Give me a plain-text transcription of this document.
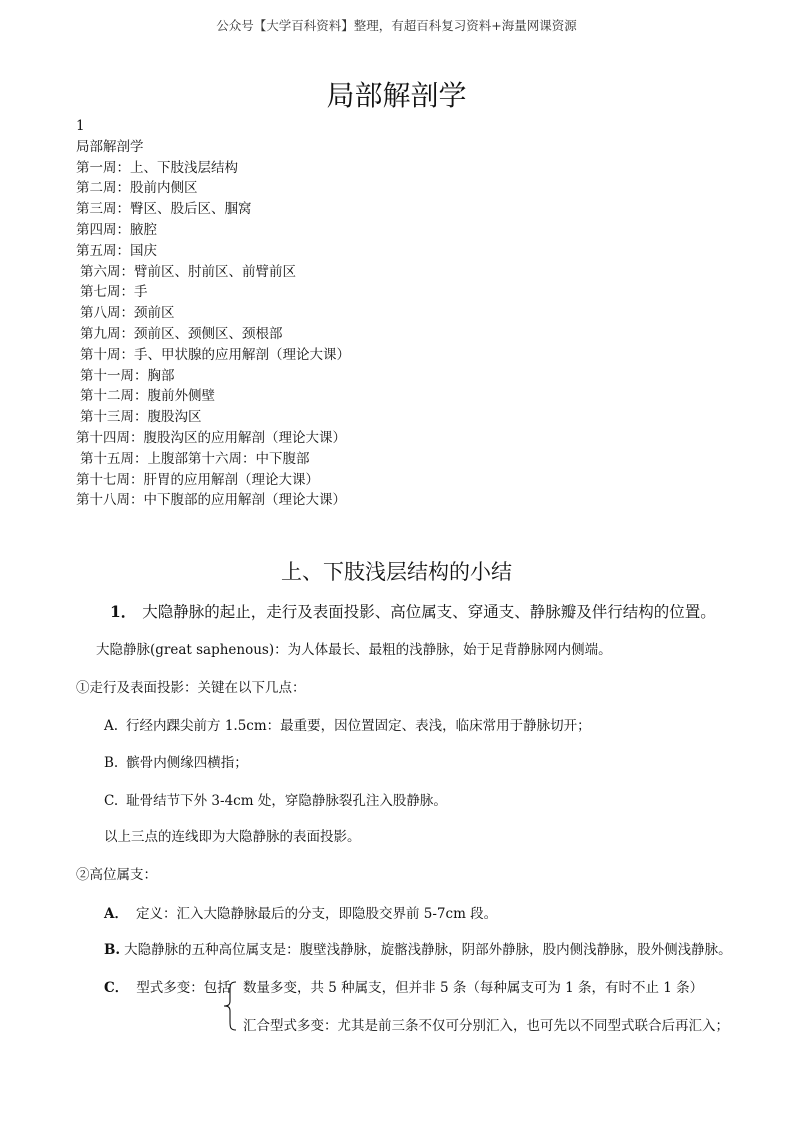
公众号【大学百科资料】整理，有超百科复习资料+海量网课资源
局部解剖学
1
局部解剖学
第一周：上、下肢浅层结构
第二周：股前内侧区
第三周：臀区、股后区、腘窝
第四周：腋腔
第五周：国庆
第六周：臂前区、肘前区、前臂前区
第七周：手
第八周：颈前区
第九周：颈前区、颈侧区、颈根部
第十周：手、甲状腺的应用解剖（理论大课）
第十一周：胸部
第十二周：腹前外侧壁
第十三周：腹股沟区
第十四周：腹股沟区的应用解剖（理论大课）
第十五周：上腹部第十六周：中下腹部
第十七周：肝胃的应用解剖（理论大课）
第十八周：中下腹部的应用解剖（理论大课）
上、下肢浅层结构的小结
1． 大隐静脉的起止，走行及表面投影、高位属支、穿通支、静脉瓣及伴行结构的位置。
大隐静脉(great saphenous)：为人体最长、最粗的浅静脉，始于足背静脉网内侧端。
①走行及表面投影：关键在以下几点：
A. 行经内踝尖前方 1.5cm：最重要，因位置固定、表浅，临床常用于静脉切开；
B. 髌骨内侧缘四横指；
C. 耻骨结节下外 3-4cm 处，穿隐静脉裂孔注入股静脉。
以上三点的连线即为大隐静脉的表面投影。
②高位属支：
A． 定义：汇入大隐静脉最后的分支，即隐股交界前 5-7cm 段。
B. 大隐静脉的五种高位属支是：腹壁浅静脉，旋髂浅静脉，阴部外静脉，股内侧浅静脉，股外侧浅静脉。
C． 型式多变：包括 数量多变，共 5 种属支，但并非 5 条（每种属支可为 1 条，有时不止 1 条）
汇合型式多变：尤其是前三条不仅可分别汇入，也可先以不同型式联合后再汇入；
